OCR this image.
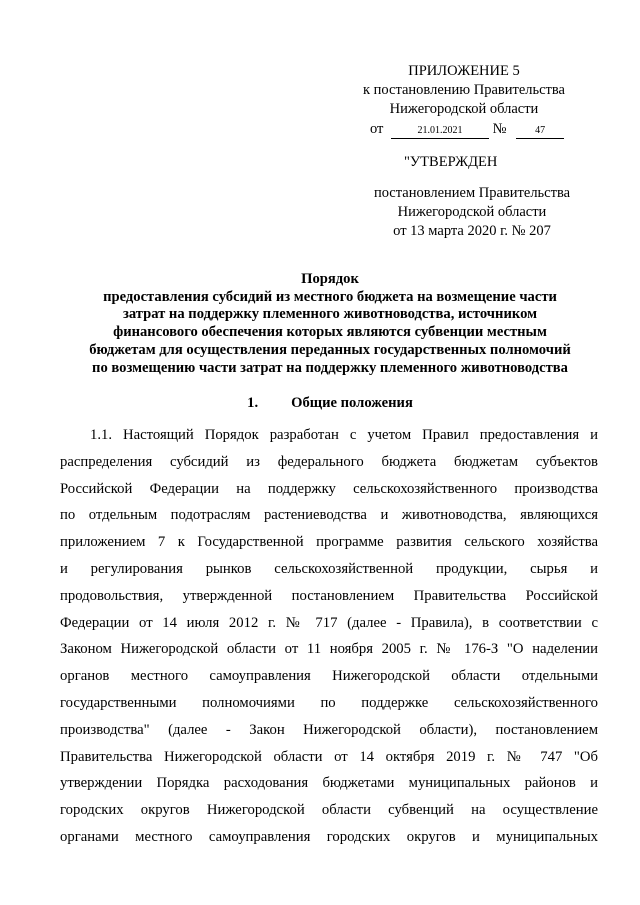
ПРИЛОЖЕНИЕ 5
к постановлению Правительства
Нижегородской области
от	21.01.2021 №	47
"УТВЕРЖДЕН
постановлением Правительства
Нижегородской области
от 13 марта 2020 г. № 207
Порядок
предоставления субсидий из местного бюджета на возмещение части
затрат на поддержку племенного животноводства, источником
финансового обеспечения которых являются субвенции местным
бюджетам для осуществления переданных государственных полномочий
по возмещению части затрат на поддержку племенного животноводства
1. Общие положения
1.1. Настоящий Порядок разработан с учетом Правил предоставления и
распределения субсидий из федерального бюджета бюджетам субъектов
Российской Федерации на поддержку сельскохозяйственного производства
по отдельным подотраслям растениеводства и животноводства, являющихся
приложением 7 к Государственной программе развития сельского хозяйства
и регулирования рынков сельскохозяйственной продукции, сырья и
продовольствия, утвержденной постановлением Правительства Российской
Федерации от 14 июля 2012 г. № 717 (далее - Правила), в соответствии с
Законом Нижегородской области от 11 ноября 2005 г. № 176-З "О наделении
органов местного самоуправления Нижегородской области отдельными
государственными полномочиями по поддержке сельскохозяйственного
производства" (далее - Закон Нижегородской области), постановлением
Правительства Нижегородской области от 14 октября 2019 г. № 747 "Об
утверждении Порядка расходования бюджетами муниципальных районов и
городских округов Нижегородской области субвенций на осуществление
органами местного самоуправления городских округов и муниципальных
